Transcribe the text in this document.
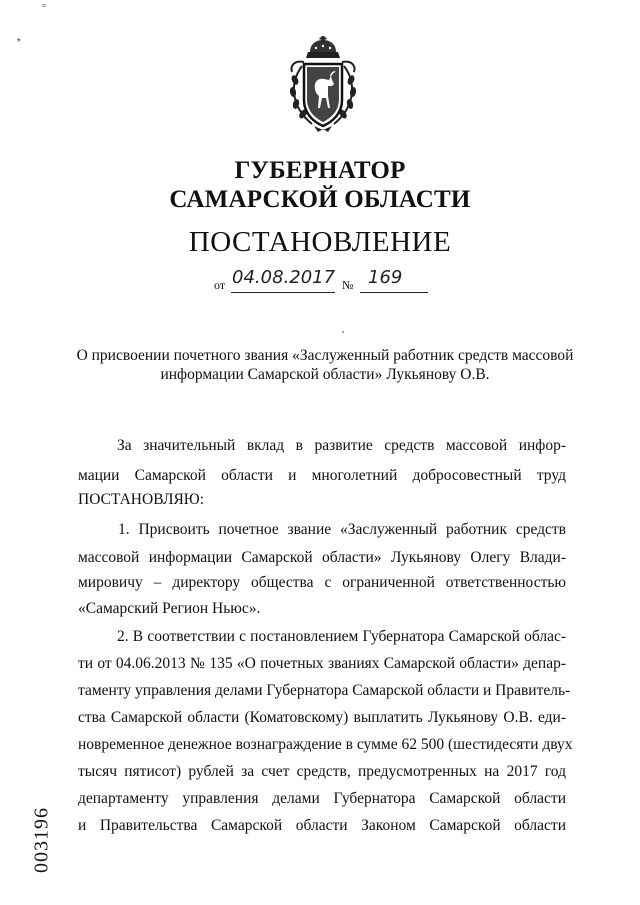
°
❟
ГУБЕРНАТОР
САМАРСКОЙ ОБЛАСТИ
ПОСТАНОВЛЕНИЕ
от 04.08.2017 № 169
О присвоении почетного звания «Заслуженный работник средств массовой
информации Самарской области» Лукьянову О.В.
За значительный вклад в развитие средств массовой инфор-
мации Самарской области и многолетний добросовестный труд
ПОСТАНОВЛЯЮ:
1. Присвоить почетное звание «Заслуженный работник средств
массовой информации Самарской области» Лукьянову Олегу Влади-
мировичу – директору общества с ограниченной ответственностью
«Самарский Регион Ньюс».
2. В соответствии с постановлением Губернатора Самарской облас-
ти от 04.06.2013 № 135 «О почетных званиях Самарской области» депар-
таменту управления делами Губернатора Самарской области и Правитель-
ства Самарской области (Коматовскому) выплатить Лукьянову О.В. еди-
новременное денежное вознаграждение в сумме 62 500 (шестидесяти двух
тысяч пятисот) рублей за счет средств, предусмотренных на 2017 год
департаменту управления делами Губернатора Самарской области
и Правительства Самарской области Законом Самарской области
003196
